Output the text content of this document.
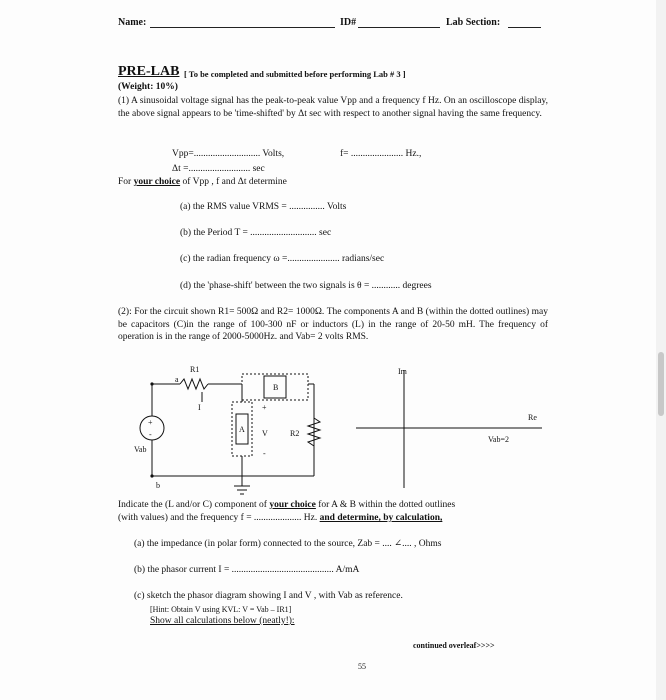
Name:	ID#	Lab Section:
PRE-LAB [ To be completed and submitted before performing Lab # 3 ]
(Weight: 10%)
(1) A sinusoidal voltage signal has the peak-to-peak value Vpp and a frequency f Hz. On an oscilloscope display, the above signal appears to be 'time-shifted' by Δt sec with respect to another signal having the same frequency.
Vpp=............................ Volts,	f= ...................... Hz.,
Δt =.......................... sec
For your choice of Vpp , f and Δt determine
(a) the RMS value VRMS = ............... Volts
(b) the Period T = ............................ sec
(c) the radian frequency ω =...................... radians/sec
(d) the 'phase-shift' between the two signals is θ = ............ degrees
(2): For the circuit shown R1= 500Ω and R2= 1000Ω. The components A and B (within the dotted outlines) may be capacitors (C)in the range of 100-300 nF or inductors (L) in the range of 20-50 mH. The frequency of operation is in the range of 2000-5000Hz. and Vab= 2 volts RMS.
+
-
Vab
a
b
R1
I
B
A
+
V
-
R2
Im
Re
Vab=2
Indicate the (L and/or C) component of your choice for A & B within the dotted outlines
(with values) and the frequency f = .................... Hz. and determine, by calculation,
(a) the impedance (in polar form) connected to the source, Zab = .... ∠.... , Ohms
(b) the phasor current I = ........................................... A/mA
(c) sketch the phasor diagram showing I and V , with Vab as reference.
[Hint: Obtain V using KVL: V = Vab – IR1]
Show all calculations below (neatly!):
continued overleaf>>>>
55
